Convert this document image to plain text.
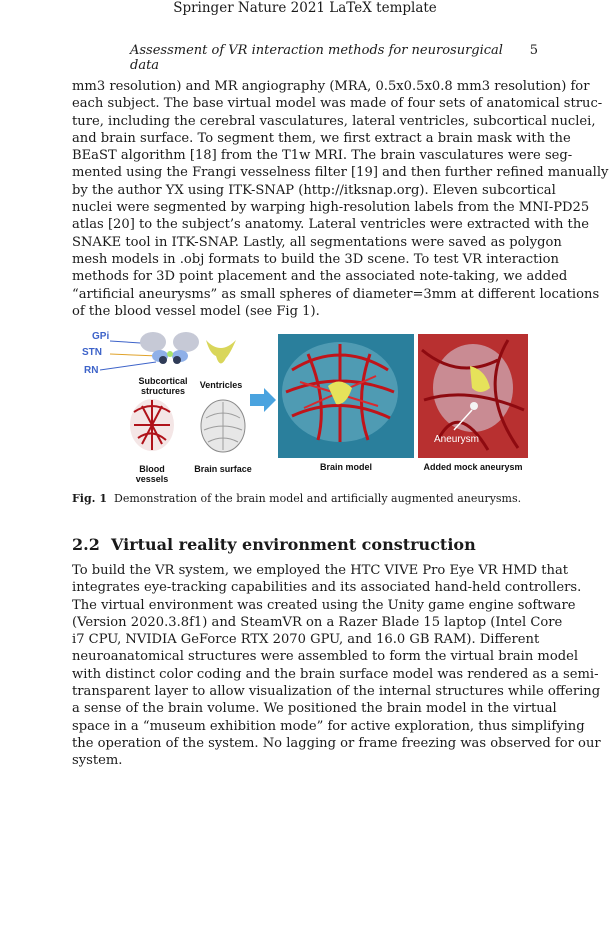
Springer Nature 2021 LaTeX template
Assessment of VR interaction methods for neurosurgical data
5
mm3 resolution) and MR angiography (MRA, 0.5x0.5x0.8 mm3 resolution) for
each subject. The base virtual model was made of four sets of anatomical struc-
ture, including the cerebral vasculatures, lateral ventricles, subcortical nuclei,
and brain surface. To segment them, we first extract a brain mask with the
BEaST algorithm [18] from the T1w MRI. The brain vasculatures were seg-
mented using the Frangi vesselness filter [19] and then further refined manually
by the author YX using ITK-SNAP (http://itksnap.org). Eleven subcortical
nuclei were segmented by warping high-resolution labels from the MNI-PD25
atlas [20] to the subject’s anatomy. Lateral ventricles were extracted with the
SNAKE tool in ITK-SNAP. Lastly, all segmentations were saved as polygon
mesh models in .obj formats to build the 3D scene. To test VR interaction
methods for 3D point placement and the associated note-taking, we added
“artificial aneurysms” as small spheres of diameter=3mm at different locations
of the blood vessel model (see Fig 1).
GPi
STN
RN
Subcortical structures
Ventricles
Blood vessels
Brain surface	Brain model
Aneurysm
Added mock aneurysm
Fig. 1 Demonstration of the brain model and artificially augmented aneurysms.
2.2 Virtual reality environment construction
To build the VR system, we employed the HTC VIVE Pro Eye VR HMD that
integrates eye-tracking capabilities and its associated hand-held controllers.
The virtual environment was created using the Unity game engine software
(Version 2020.3.8f1) and SteamVR on a Razer Blade 15 laptop (Intel Core
i7 CPU, NVIDIA GeForce RTX 2070 GPU, and 16.0 GB RAM). Different
neuroanatomical structures were assembled to form the virtual brain model
with distinct color coding and the brain surface model was rendered as a semi-
transparent layer to allow visualization of the internal structures while offering
a sense of the brain volume. We positioned the brain model in the virtual
space in a “museum exhibition mode” for active exploration, thus simplifying
the operation of the system. No lagging or frame freezing was observed for our
system.
